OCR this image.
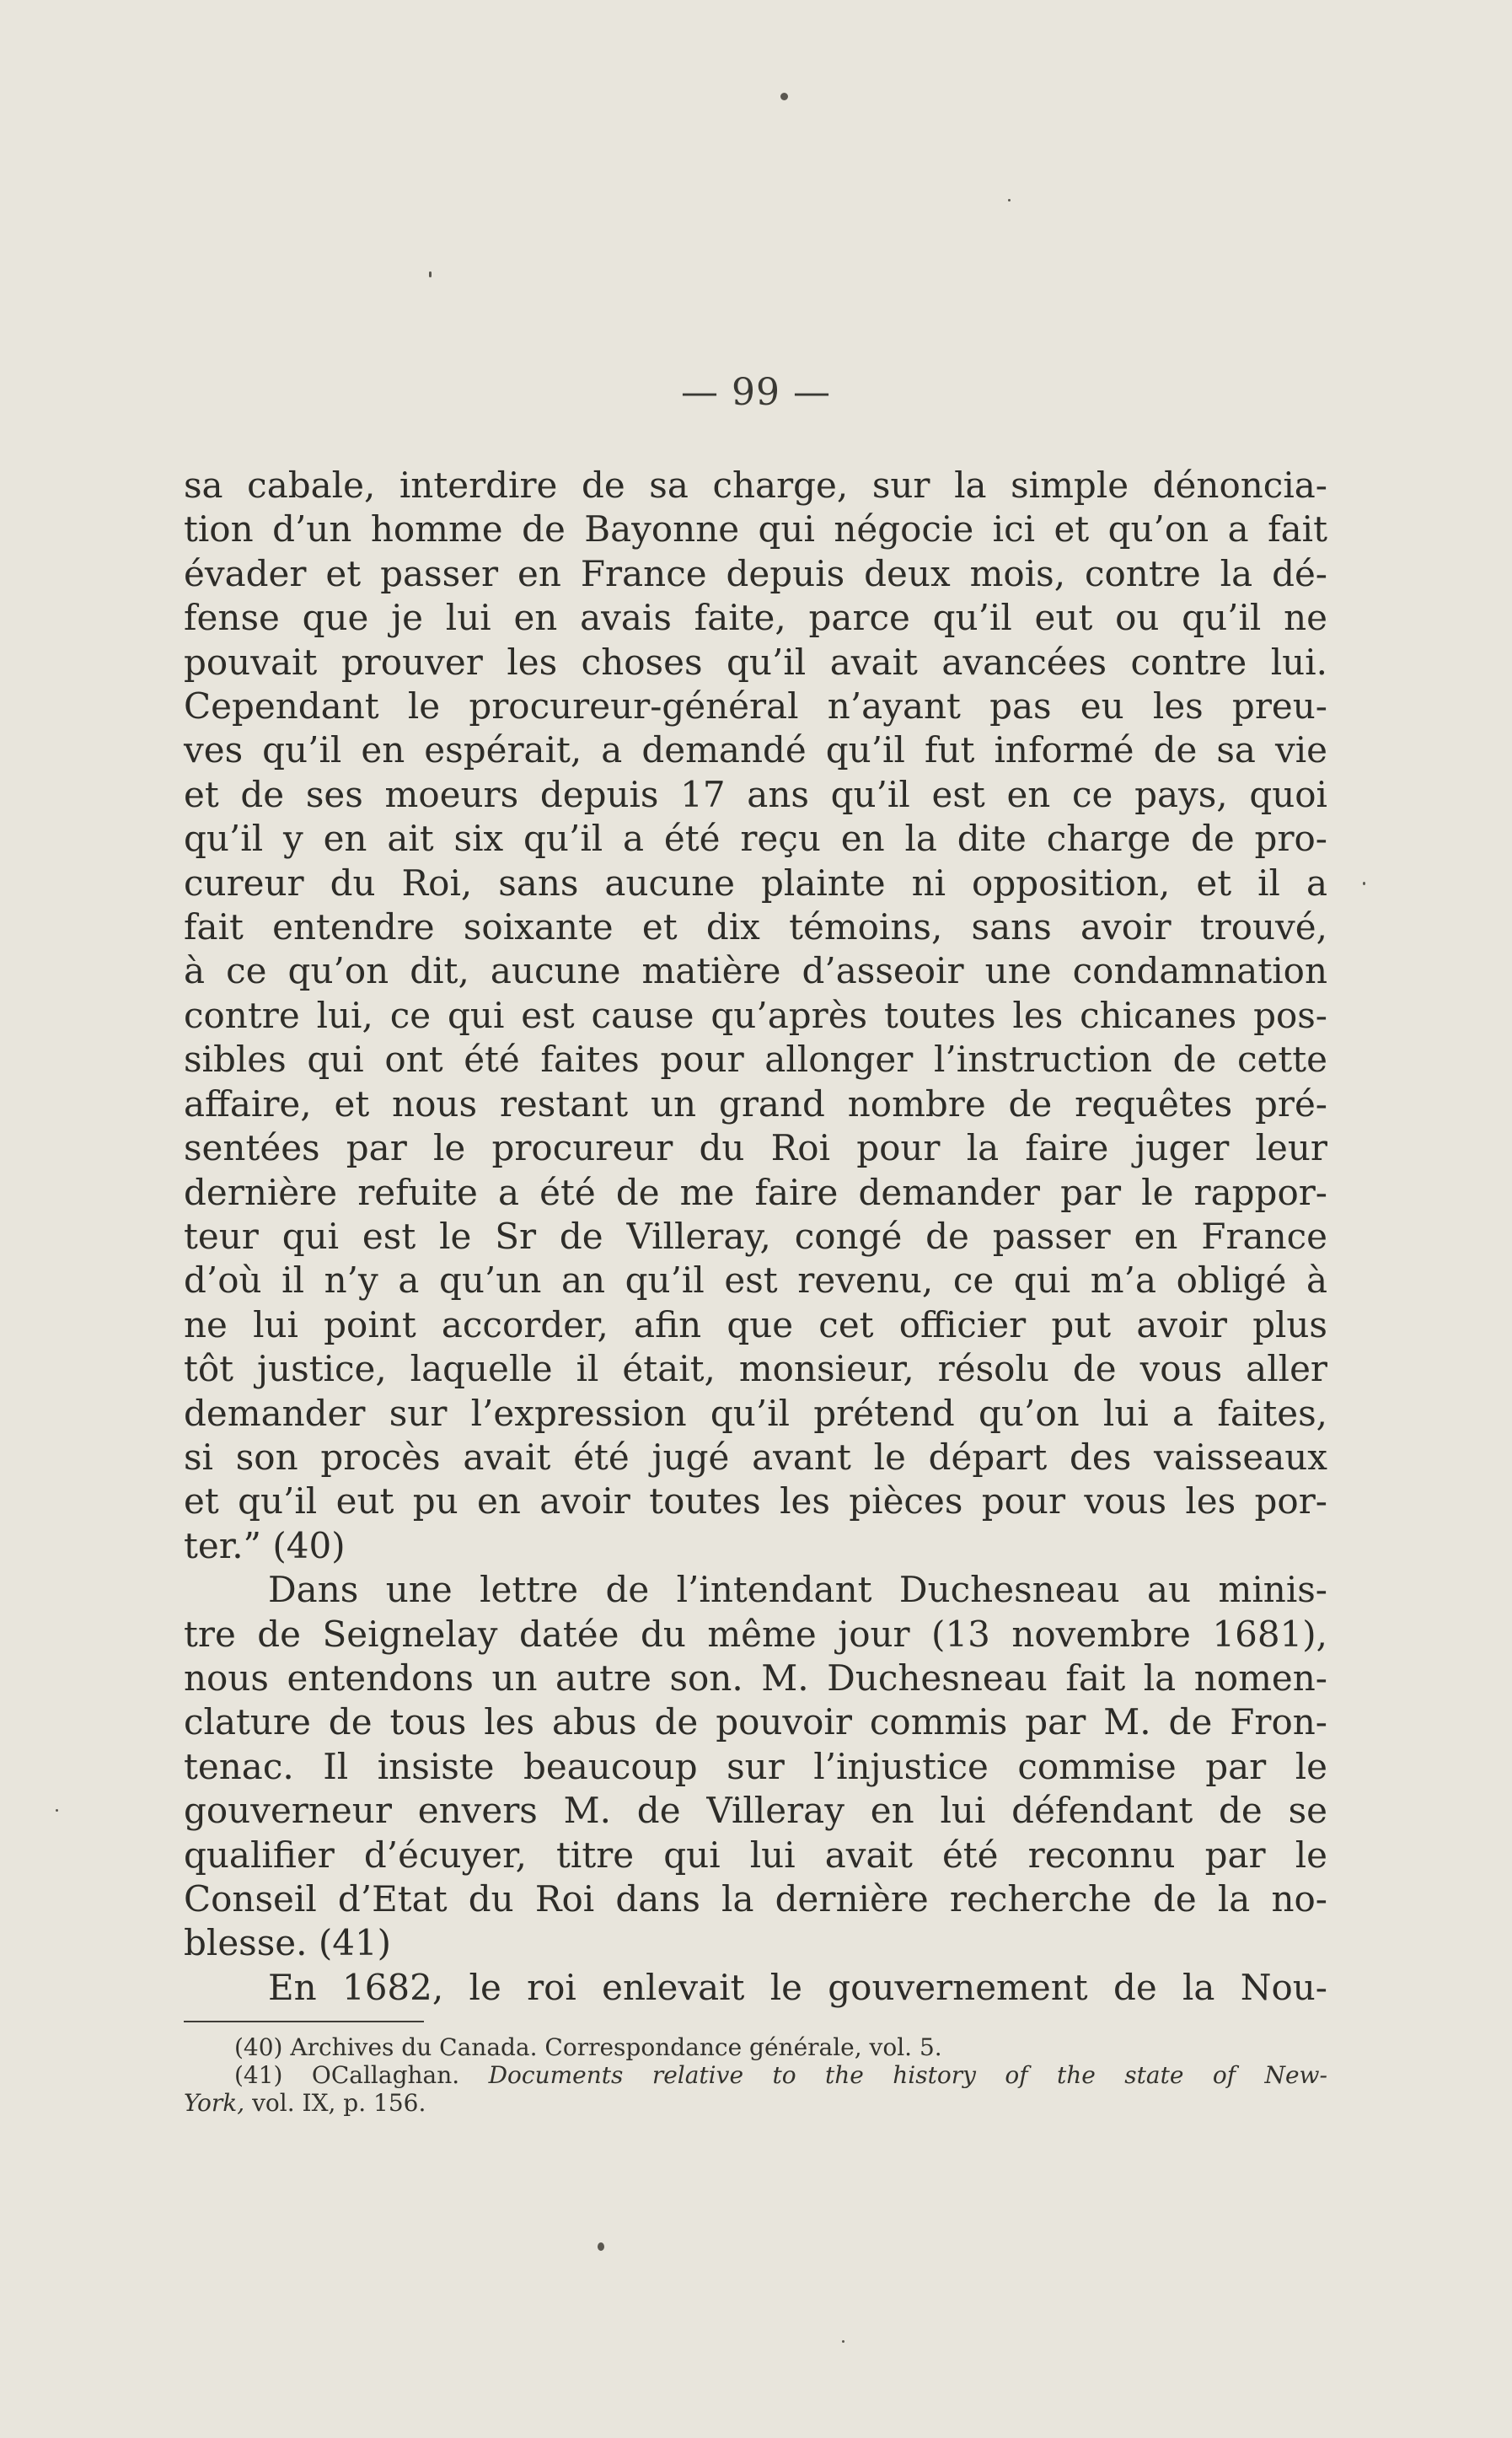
— 99 —
sa cabale, interdire de sa charge, sur la simple dénoncia-
tion d’un homme de Bayonne qui négocie ici et qu’on a fait
évader et passer en France depuis deux mois, contre la dé-
fense que je lui en avais faite, parce qu’il eut ou qu’il ne
pouvait prouver les choses qu’il avait avancées contre lui.
Cependant le procureur-général n’ayant pas eu les preu-
ves qu’il en espérait, a demandé qu’il fut informé de sa vie
et de ses moeurs depuis 17 ans qu’il est en ce pays, quoi
qu’il y en ait six qu’il a été reçu en la dite charge de pro-
cureur du Roi, sans aucune plainte ni opposition, et il a
fait entendre soixante et dix témoins, sans avoir trouvé,
à ce qu’on dit, aucune matière d’asseoir une condamnation
contre lui, ce qui est cause qu’après toutes les chicanes pos-
sibles qui ont été faites pour allonger l’instruction de cette
affaire, et nous restant un grand nombre de requêtes pré-
sentées par le procureur du Roi pour la faire juger leur
dernière refuite a été de me faire demander par le rappor-
teur qui est le Sr de Villeray, congé de passer en France
d’où il n’y a qu’un an qu’il est revenu, ce qui m’a obligé à
ne lui point accorder, afin que cet officier put avoir plus
tôt justice, laquelle il était, monsieur, résolu de vous aller
demander sur l’expression qu’il prétend qu’on lui a faites,
si son procès avait été jugé avant le départ des vaisseaux
et qu’il eut pu en avoir toutes les pièces pour vous les por-
ter.” (40)
Dans une lettre de l’intendant Duchesneau au minis-
tre de Seignelay datée du même jour (13 novembre 1681),
nous entendons un autre son. M. Duchesneau fait la nomen-
clature de tous les abus de pouvoir commis par M. de Fron-
tenac. Il insiste beaucoup sur l’injustice commise par le
gouverneur envers M. de Villeray en lui défendant de se
qualifier d’écuyer, titre qui lui avait été reconnu par le
Conseil d’Etat du Roi dans la dernière recherche de la no-
blesse. (41)
En 1682, le roi enlevait le gouvernement de la Nou-
(40) Archives du Canada. Correspondance générale, vol. 5.
(41) OCallaghan. Documents relative to the history of the state of New-
York, vol. IX, p. 156.
